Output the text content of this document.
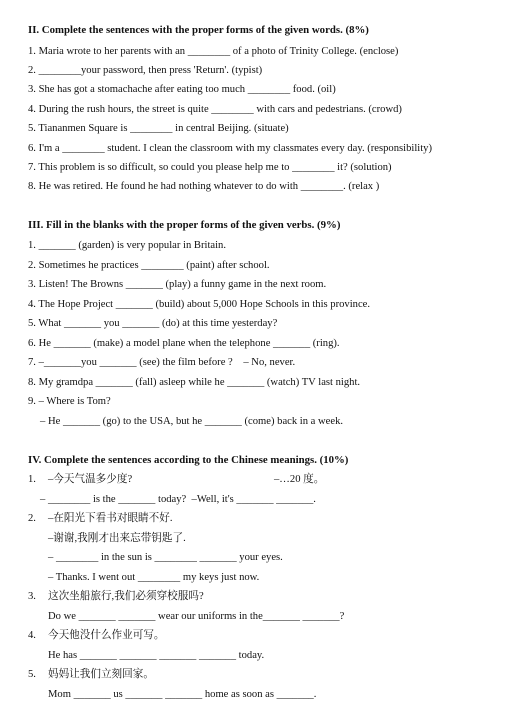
II. Complete the sentences with the proper forms of the given words. (8%)
1. Maria wrote to her parents with an ________ of a photo of Trinity College. (enclose)
2. ________your password, then press 'Return'. (typist)
3. She has got a stomachache after eating too much ________ food. (oil)
4. During the rush hours, the street is quite ________ with cars and pedestrians. (crowd)
5. Tiananmen Square is ________ in central Beijing. (situate)
6. I'm a ________ student. I clean the classroom with my classmates every day. (responsibility)
7. This problem is so difficult, so could you please help me to ________ it? (solution)
8. He was retired. He found he had nothing whatever to do with ________. (relax )
III. Fill in the blanks with the proper forms of the given verbs. (9%)
1. _______ (garden) is very popular in Britain.
2. Sometimes he practices ________ (paint) after school.
3. Listen! The Browns _______ (play) a funny game in the next room.
4. The Hope Project _______ (build) about 5,000 Hope Schools in this province.
5. What _______ you _______ (do) at this time yesterday?
6. He _______ (make) a model plane when the telephone _______ (ring).
7. –_______you _______ (see) the film before ?    – No, never.
8. My gramdpa _______ (fall) asleep while he _______ (watch) TV last night.
9. – Where is Tom?
– He _______ (go) to the USA, but he _______ (come) back in a week.
IV. Complete the sentences according to the Chinese meanings. (10%)
1. –今天气温多少度?	–…20 度。
– ________ is the _______ today?  –Well, it's _______ _______.
2. –在阳光下看书对眼睛不好.
–谢谢,我刚才出来忘带钥匙了.
– ________ in the sun is ________ _______ your eyes.
– Thanks. I went out ________ my keys just now.
3. 这次坐船旅行,我们必须穿校服吗?
Do we _______ _______ wear our uniforms in the_______ _______?
4. 今天他没什么作业可写。
He has _______ _______ _______ _______ today.
5. 妈妈让我们立刻回家。
Mom _______ us _______ _______ home as soon as _______.
